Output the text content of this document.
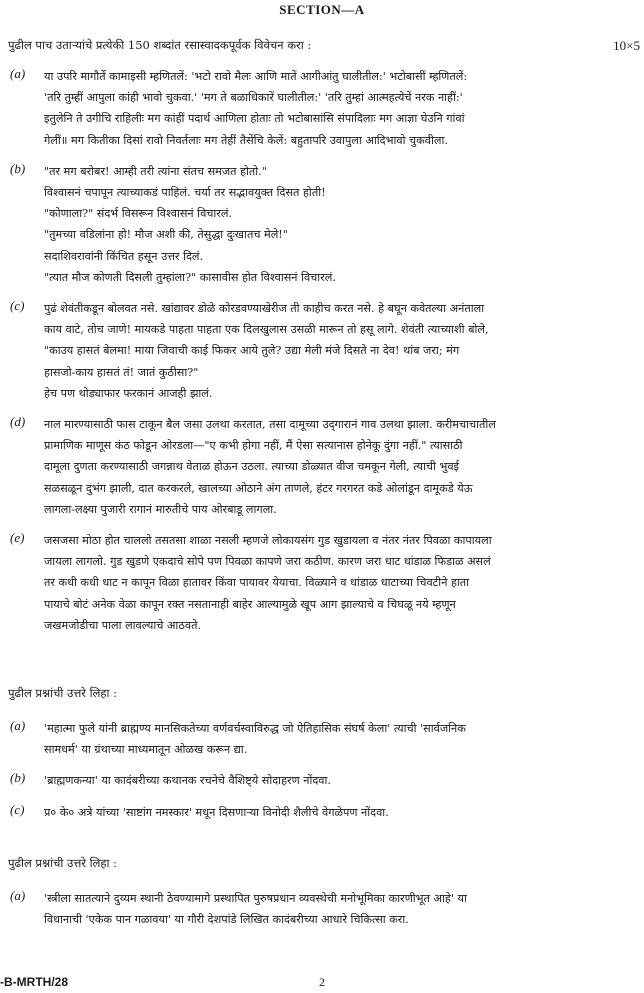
SECTION—A
पुढील पाच उताऱ्यांचे प्रत्येकी 150 शब्दांत रसास्वादकपूर्वक विवेचन करा :	10×5
(a) या उपरि मागौर्ते कामाइसी म्हणितलें: 'भटो रावो मैलः आणि मातें आगीआंतु घालीतील:' भटोबासीं म्हणितलें:
'तरि तुम्हीं आपुला कांही भावो चुकवा.' 'मग ते बळाधिकारें घालीतील:' 'तरि तुम्हां आत्महत्येचें नरक नाहीं:'
इतुलेनि ते उगीचि राहिलीः मग कांहीं पदार्थ आणिला होताः तो भटोबासांसि संपादिलाः मग आज्ञा घेउनि गांवां
गेलीं॥ मग कितीका दिसां रावो निवर्तलाः मग तेहीं तैसेंचि केलें: बहुतापरि उवापुला आदिभावो चुकवीला.
(b) "तर मग बरोबर! आम्ही तरी त्यांना संतच समजत होतो."
विश्वासनं चपापून त्याच्याकडं पाहिलं. चर्या तर सद्भावयुक्त दिसत होती!
"कोणाला?" संदर्भ विसरून विश्वासनं विचारलं.
"तुमच्या वडिलांना हो! मौज अशी की, तेसुद्धा दुःखातच मेले!"
सदाशिवरावांनी किंचित हसून उत्तर दिलं.
"त्यात मौज कोणती दिसली तुम्हांला?" कासावीस होत विश्वासनं विचारलं.
(c) पुढं शेवंतीकडून बोलवत नसे. खांद्यावर डोळे कोरडवण्याखेरीज ती काहीच करत नसे. हे बघून कवेतल्या अनंताला
काय वाटे, तोच जाणे! मायकडे पाहता पाहता एक दिलखुलास उसळी मारून तो हसू लागे. शेवंती त्याच्याशी बोले,
"काउय हासतं बेलमा! माया जिवाची काई फिकर आये तुले? उद्या मेली मंजे दिसते ना देव! थांब जरा; मंग
हासजो-काय हासतं तं! जातं कुठीसा?"
हेच पण थोड्याफार फरकानं आजही झालं.
(d) नाल मारण्यासाठी फास टाकून बैल जसा उलथा करतात, तसा दामूच्या उद्‌गारानं गाव उलथा झाला. करीमचाचातील
प्रामाणिक माणूस कंठ फोडून ओरडला—"ए कभी होगा नहीं, मैं ऐसा सत्यानास होनेकू दुंगा नहीं." त्यासाठी
दामूला दुणता करण्यासाठी जगन्नाथ वेताळ होऊन उठला. त्याच्या डोळ्यात वीज चमकून गेली, त्याची भुवई
सळसळून दुभंग झाली, दात करकरले, खालच्या ओठाने अंग ताणले, हंटर गरगरत कडे ओलांडून दामूकडे येऊ
लागला-लक्ष्या पुजारी रागानं मारुतीचे पाय ओरबाडू लागला.
(e) जसजसा मोठा होत चाललो तसतसा शाळा नसली म्हणजे लोकायसंग गुड खुडायला व नंतर नंतर पिवळा कापायला
जायला लागलो. गुड खुडणे एकदाचे सोपे पण पिवळा कापणे जरा कठीण. कारण जरा धाट धांडाळ फिडाळ असलं
तर कधी कधी धाट न कापून विळा हातावर किंवा पायावर येयाचा. विळ्याने व धांडाळ धाटाच्या चिवटीने हाता
पायाचे बोटं अनेक वेळा कापून रक्त नसतानाही बाहेर आल्यामुळे खूप आग झाल्याचे व चिघळू नये म्हणून
जखमजोडीचा पाला लावल्याचे आठवते.
पुढील प्रश्नांची उत्तरे लिहा :
(a) 'महात्मा फुले यांनी ब्राह्मण्य मानसिकतेच्या वर्णवर्चस्वाविरुद्ध जो ऐतिहासिक संघर्ष केला' त्याची 'सार्वजनिक
सामधर्म' या ग्रंथाच्या माध्यमातून ओळख करून द्या.
(b) 'ब्राह्मणकन्या' या कादंबरीच्या कथानक रचनेचे वैशिष्ट्ये सोदाहरण नोंदवा.
(c) प्र० के० अत्रे यांच्या 'साष्टांग नमस्कार' मधून दिसणाऱ्या विनोदी शैलीचे वेगळेपण नोंदवा.
पुढील प्रश्नांची उत्तरे लिहा :
(a) 'स्त्रीला सातत्याने दुय्यम स्थानी ठेवण्यामागे प्रस्थापित पुरुषप्रधान व्यवस्थेची मनोभूमिका कारणीभूत आहे' या
विधानाची 'एकेक पान गळावया' या गौरी देशपांडे लिखित कादंबरीच्या आधारे चिकित्सा करा.
-B-MRTH/28	2
